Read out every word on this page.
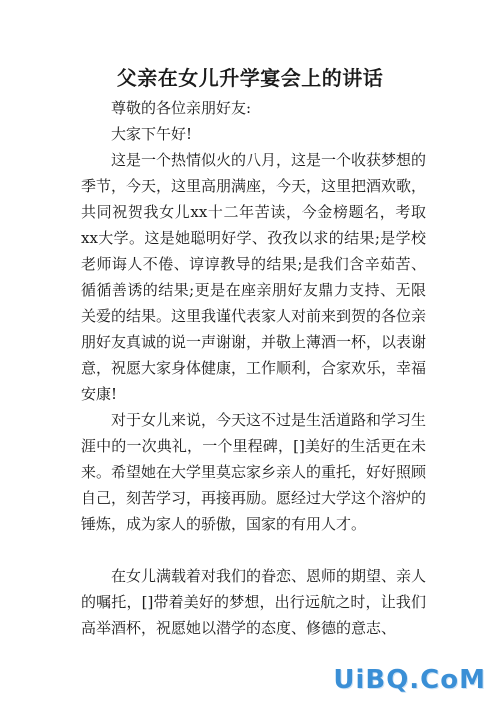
父亲在女儿升学宴会上的讲话

尊敬的各位亲朋好友:

大家下午好!

这是一个热情似火的八月，这是一个收获梦想的季节，今天，这里高朋满座，今天，这里把酒欢歌，共同祝贺我女儿xx十二年苦读，今金榜题名，考取xx大学。这是她聪明好学、孜孜以求的结果;是学校老师诲人不倦、谆谆教导的结果;是我们含辛茹苦、循循善诱的结果;更是在座亲朋好友鼎力支持、无限关爱的结果。这里我谨代表家人对前来到贺的各位亲朋好友真诚的说一声谢谢，并敬上薄酒一杯，以表谢意，祝愿大家身体健康，工作顺利，合家欢乐，幸福安康!

对于女儿来说，今天这不过是生活道路和学习生涯中的一次典礼，一个里程碑，[]美好的生活更在未来。希望她在大学里莫忘家乡亲人的重托，好好照顾自己，刻苦学习，再接再励。愿经过大学这个溶炉的锤炼，成为家人的骄傲，国家的有用人才。

在女儿满载着对我们的眷恋、恩师的期望、亲人的嘱托，[]带着美好的梦想，出行远航之时，让我们高举酒杯，祝愿她以潜学的态度、修德的意志、

UiBQ.CoM
